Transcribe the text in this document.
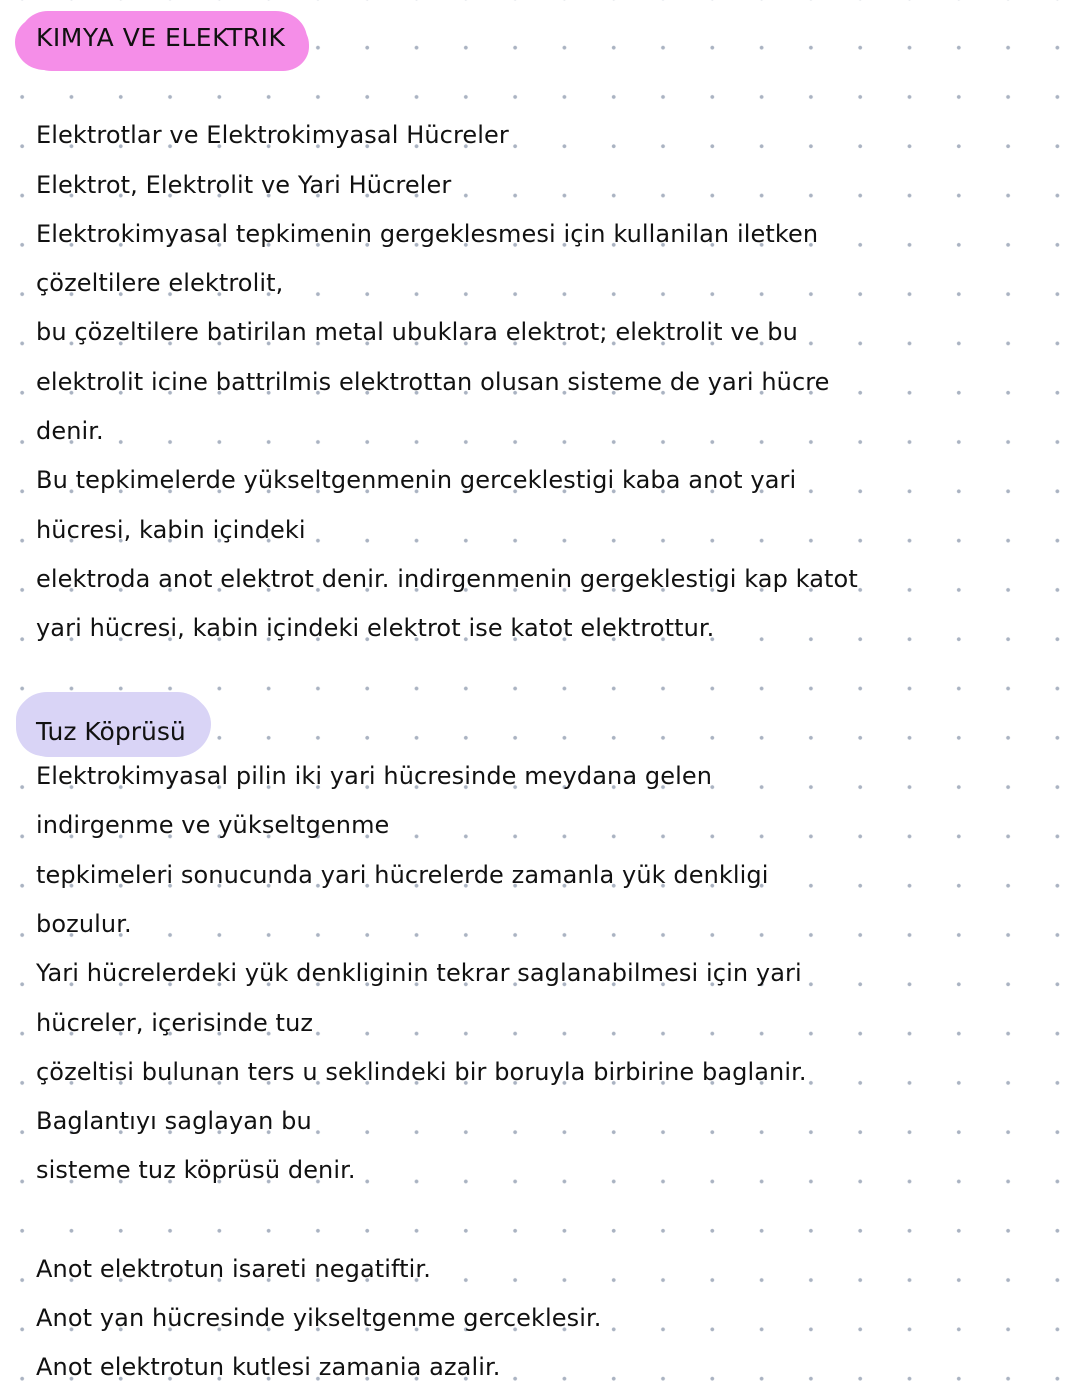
KIMYA VE ELEKTRIK
Elektrotlar ve Elektrokimyasal Hücreler
Elektrot, Elektrolit ve Yari Hücreler
Elektrokimyasal tepkimenin gergeklesmesi için kullanilan iletken
çözeltilere elektrolit,
bu çözeltilere batirilan metal ubuklara elektrot; elektrolit ve bu
elektrolit icine battrilmis elektrottan olusan sisteme de yari hücre
denir.
Bu tepkimelerde yükseltgenmenin gerceklestigi kaba anot yari
hücresi, kabin içindeki
elektroda anot elektrot denir. indirgenmenin gergeklestigi kap katot
yari hücresi, kabin içindeki elektrot ise katot elektrottur.
Tuz Köprüsü
Elektrokimyasal pilin iki yari hücresinde meydana gelen
indirgenme ve yükseltgenme
tepkimeleri sonucunda yari hücrelerde zamanla yük denkligi
bozulur.
Yari hücrelerdeki yük denkliginin tekrar saglanabilmesi için yari
hücreler, içerisinde tuz
çözeltisi bulunan ters u seklindeki bir boruyla birbirine baglanir.
Baglantıyı saglayan bu
sisteme tuz köprüsü denir.
Anot elektrotun isareti negatiftir.
Anot yan hücresinde yikseltgenme gerceklesir.
Anot elektrotun kutlesi zamania azalir.
